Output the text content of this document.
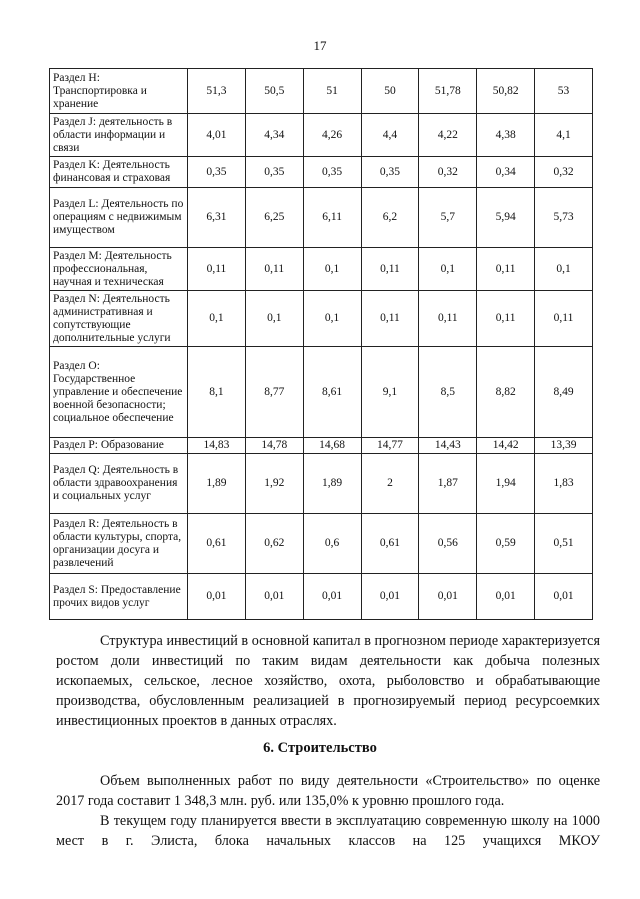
17
Раздел H: Транспортировка и хранение	51,3	50,5	51	50	51,78	50,82	53
Раздел J: деятельность в области информации и связи	4,01	4,34	4,26	4,4	4,22	4,38	4,1
Раздел K: Деятельность финансовая и страховая	0,35	0,35	0,35	0,35	0,32	0,34	0,32
Раздел L: Деятельность по операциям с недвижимым имуществом	6,31	6,25	6,11	6,2	5,7	5,94	5,73
Раздел M: Деятельность профессиональная, научная и техническая	0,11	0,11	0,1	0,11	0,1	0,11	0,1
Раздел N: Деятельность административная и сопутствующие дополнительные услуги	0,1	0,1	0,1	0,11	0,11	0,11	0,11
Раздел O: Государственное управление и обеспечение военной безопасности; социальное обеспечение	8,1	8,77	8,61	9,1	8,5	8,82	8,49
Раздел P: Образование	14,83	14,78	14,68	14,77	14,43	14,42	13,39
Раздел Q: Деятельность в области здравоохранения и социальных услуг	1,89	1,92	1,89	2	1,87	1,94	1,83
Раздел R: Деятельность в области культуры, спорта, организации досуга и развлечений	0,61	0,62	0,6	0,61	0,56	0,59	0,51
Раздел S: Предоставление прочих видов услуг	0,01	0,01	0,01	0,01	0,01	0,01	0,01
Структура инвестиций в основной капитал в прогнозном периоде характеризуется ростом доли инвестиций по таким видам деятельности как добыча полезных ископаемых, сельское, лесное хозяйство, охота, рыболовство и обрабатывающие производства, обусловленным реализацией в прогнозируемый период ресурсоемких инвестиционных проектов в данных отраслях.
6. Строительство
Объем выполненных работ по виду деятельности «Строительство» по оценке 2017 года составит 1 348,3 млн. руб. или 135,0% к уровню прошлого года.
В текущем году планируется ввести в эксплуатацию современную школу на 1000 мест в г. Элиста, блока начальных классов на 125 учащихся МКОУ
